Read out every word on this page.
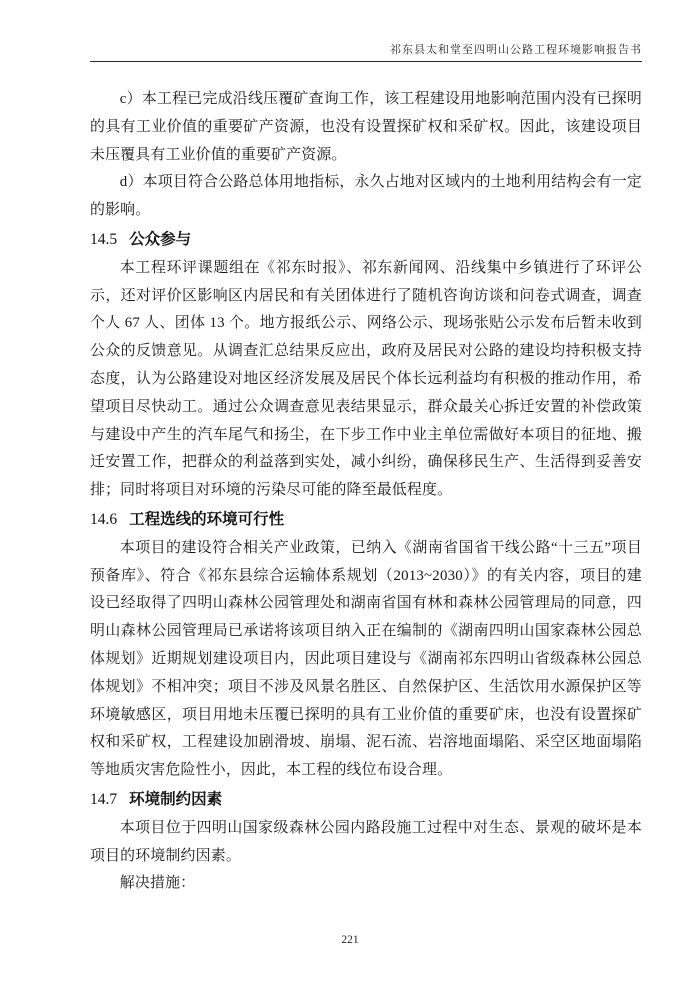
祁东县太和堂至四明山公路工程环境影响报告书

c）本工程已完成沿线压覆矿查询工作，该工程建设用地影响范围内没有已探明的具有工业价值的重要矿产资源，也没有设置探矿权和采矿权。因此，该建设项目未压覆具有工业价值的重要矿产资源。

d）本项目符合公路总体用地指标，永久占地对区域内的土地利用结构会有一定的影响。

14.5 公众参与

本工程环评课题组在《祁东时报》、祁东新闻网、沿线集中乡镇进行了环评公示，还对评价区影响区内居民和有关团体进行了随机咨询访谈和问卷式调查，调查个人 67 人、团体 13 个。地方报纸公示、网络公示、现场张贴公示发布后暂未收到公众的反馈意见。从调查汇总结果反应出，政府及居民对公路的建设均持积极支持态度，认为公路建设对地区经济发展及居民个体长远利益均有积极的推动作用，希望项目尽快动工。通过公众调查意见表结果显示，群众最关心拆迁安置的补偿政策与建设中产生的汽车尾气和扬尘，在下步工作中业主单位需做好本项目的征地、搬迁安置工作，把群众的利益落到实处，减小纠纷，确保移民生产、生活得到妥善安排；同时将项目对环境的污染尽可能的降至最低程度。

14.6 工程选线的环境可行性

本项目的建设符合相关产业政策，已纳入《湖南省国省干线公路“十三五”项目预备库》、符合《祁东县综合运输体系规划（2013~2030）》的有关内容，项目的建设已经取得了四明山森林公园管理处和湖南省国有林和森林公园管理局的同意，四明山森林公园管理局已承诺将该项目纳入正在编制的《湖南四明山国家森林公园总体规划》近期规划建设项目内，因此项目建设与《湖南祁东四明山省级森林公园总体规划》不相冲突；项目不涉及风景名胜区、自然保护区、生活饮用水源保护区等环境敏感区，项目用地未压覆已探明的具有工业价值的重要矿床，也没有设置探矿权和采矿权，工程建设加剧滑坡、崩塌、泥石流、岩溶地面塌陷、采空区地面塌陷等地质灾害危险性小，因此，本工程的线位布设合理。

14.7 环境制约因素

本项目位于四明山国家级森林公园内路段施工过程中对生态、景观的破坏是本项目的环境制约因素。

解决措施：

221
